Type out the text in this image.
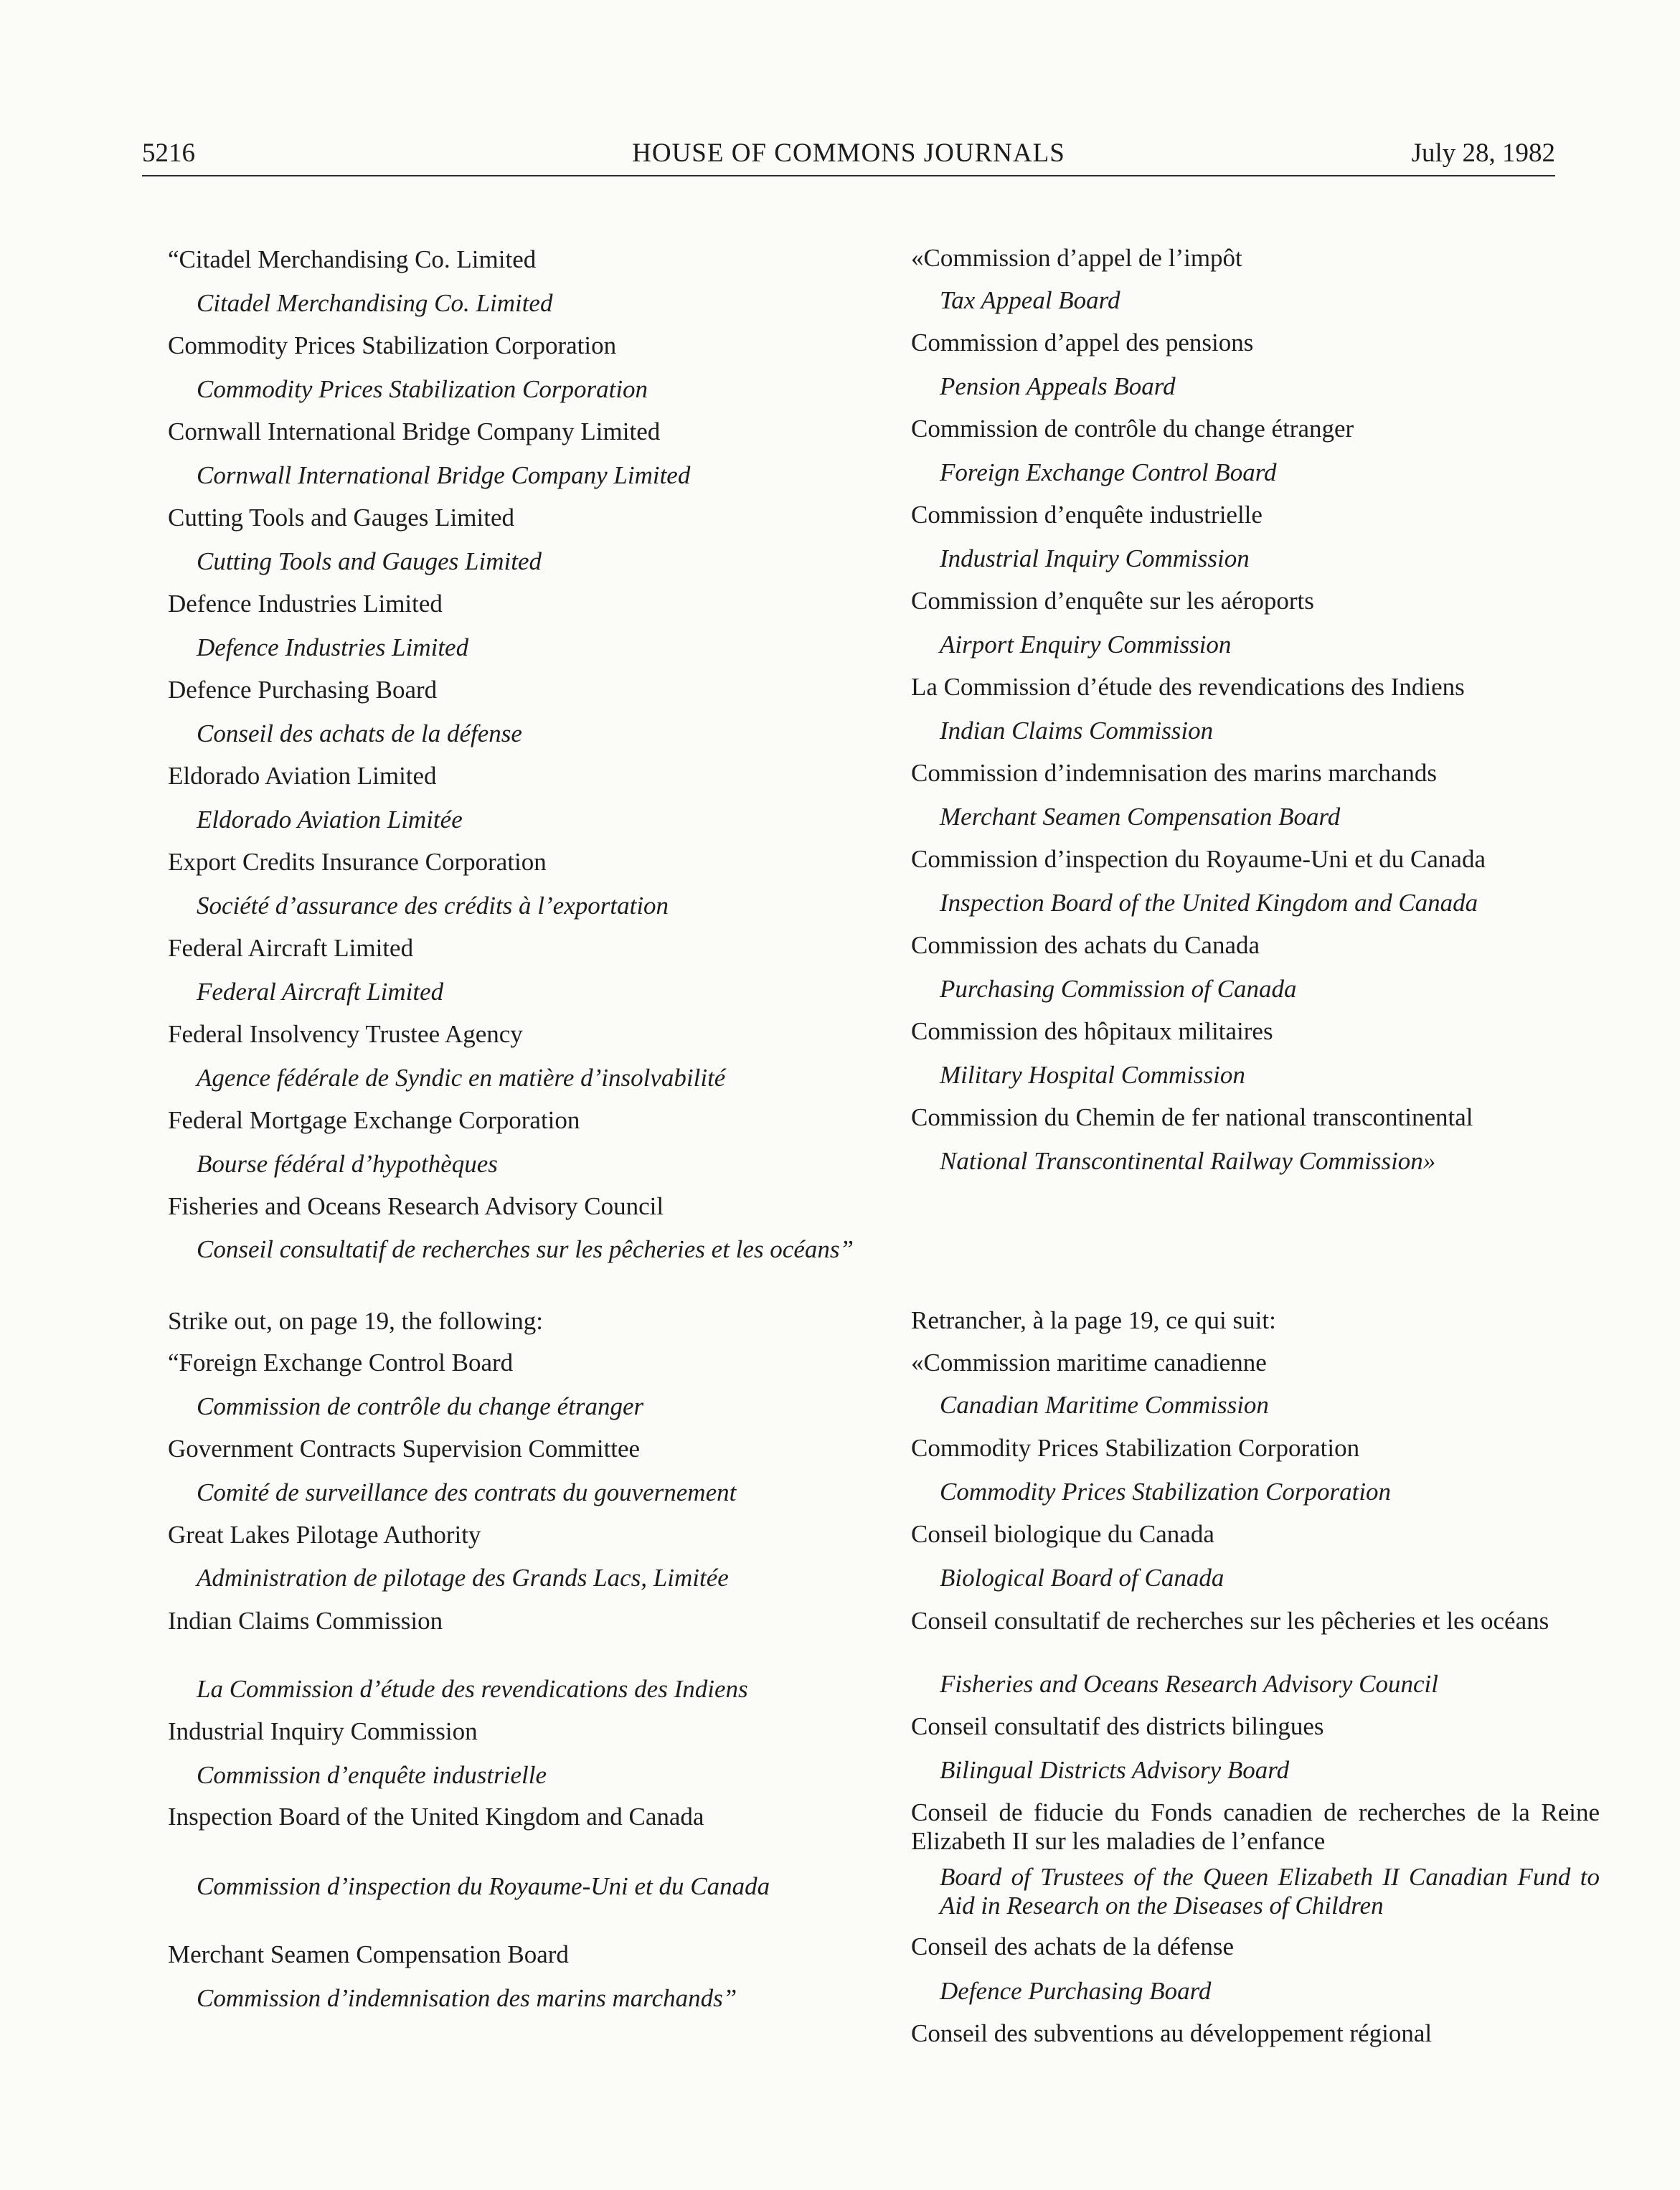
5216	HOUSE OF COMMONS JOURNALS	July 28, 1982
“Citadel Merchandising Co. Limited
Citadel Merchandising Co. Limited
Commodity Prices Stabilization Corporation
Commodity Prices Stabilization Corporation
Cornwall International Bridge Company Limited
Cornwall International Bridge Company Limited
Cutting Tools and Gauges Limited
Cutting Tools and Gauges Limited
Defence Industries Limited
Defence Industries Limited
Defence Purchasing Board
Conseil des achats de la défense
Eldorado Aviation Limited
Eldorado Aviation Limitée
Export Credits Insurance Corporation
Société d’assurance des crédits à l’exportation
Federal Aircraft Limited
Federal Aircraft Limited
Federal Insolvency Trustee Agency
Agence fédérale de Syndic en matière d’insolvabilité
Federal Mortgage Exchange Corporation
Bourse fédéral d’hypothèques
Fisheries and Oceans Research Advisory Council
Conseil consultatif de recherches sur les pêcheries et les océans”
Strike out, on page 19, the following:
“Foreign Exchange Control Board
Commission de contrôle du change étranger
Government Contracts Supervision Committee
Comité de surveillance des contrats du gouvernement
Great Lakes Pilotage Authority
Administration de pilotage des Grands Lacs, Limitée
Indian Claims Commission
La Commission d’étude des revendications des Indiens
Industrial Inquiry Commission
Commission d’enquête industrielle
Inspection Board of the United Kingdom and Canada
Commission d’inspection du Royaume-Uni et du Canada
Merchant Seamen Compensation Board
Commission d’indemnisation des marins marchands”
«Commission d’appel de l’impôt
Tax Appeal Board
Commission d’appel des pensions
Pension Appeals Board
Commission de contrôle du change étranger
Foreign Exchange Control Board
Commission d’enquête industrielle
Industrial Inquiry Commission
Commission d’enquête sur les aéroports
Airport Enquiry Commission
La Commission d’étude des revendications des Indiens
Indian Claims Commission
Commission d’indemnisation des marins marchands
Merchant Seamen Compensation Board
Commission d’inspection du Royaume-Uni et du Canada
Inspection Board of the United Kingdom and Canada
Commission des achats du Canada
Purchasing Commission of Canada
Commission des hôpitaux militaires
Military Hospital Commission
Commission du Chemin de fer national transcontinental
National Transcontinental Railway Commission»
Retrancher, à la page 19, ce qui suit:
«Commission maritime canadienne
Canadian Maritime Commission
Commodity Prices Stabilization Corporation
Commodity Prices Stabilization Corporation
Conseil biologique du Canada
Biological Board of Canada
Conseil consultatif de recherches sur les pêcheries et les océans
Fisheries and Oceans Research Advisory Council
Conseil consultatif des districts bilingues
Bilingual Districts Advisory Board
Conseil de fiducie du Fonds canadien de recherches de la Reine Elizabeth II sur les maladies de l’enfance
Board of Trustees of the Queen Elizabeth II Canadian Fund to Aid in Research on the Diseases of Children
Conseil des achats de la défense
Defence Purchasing Board
Conseil des subventions au développement régional
